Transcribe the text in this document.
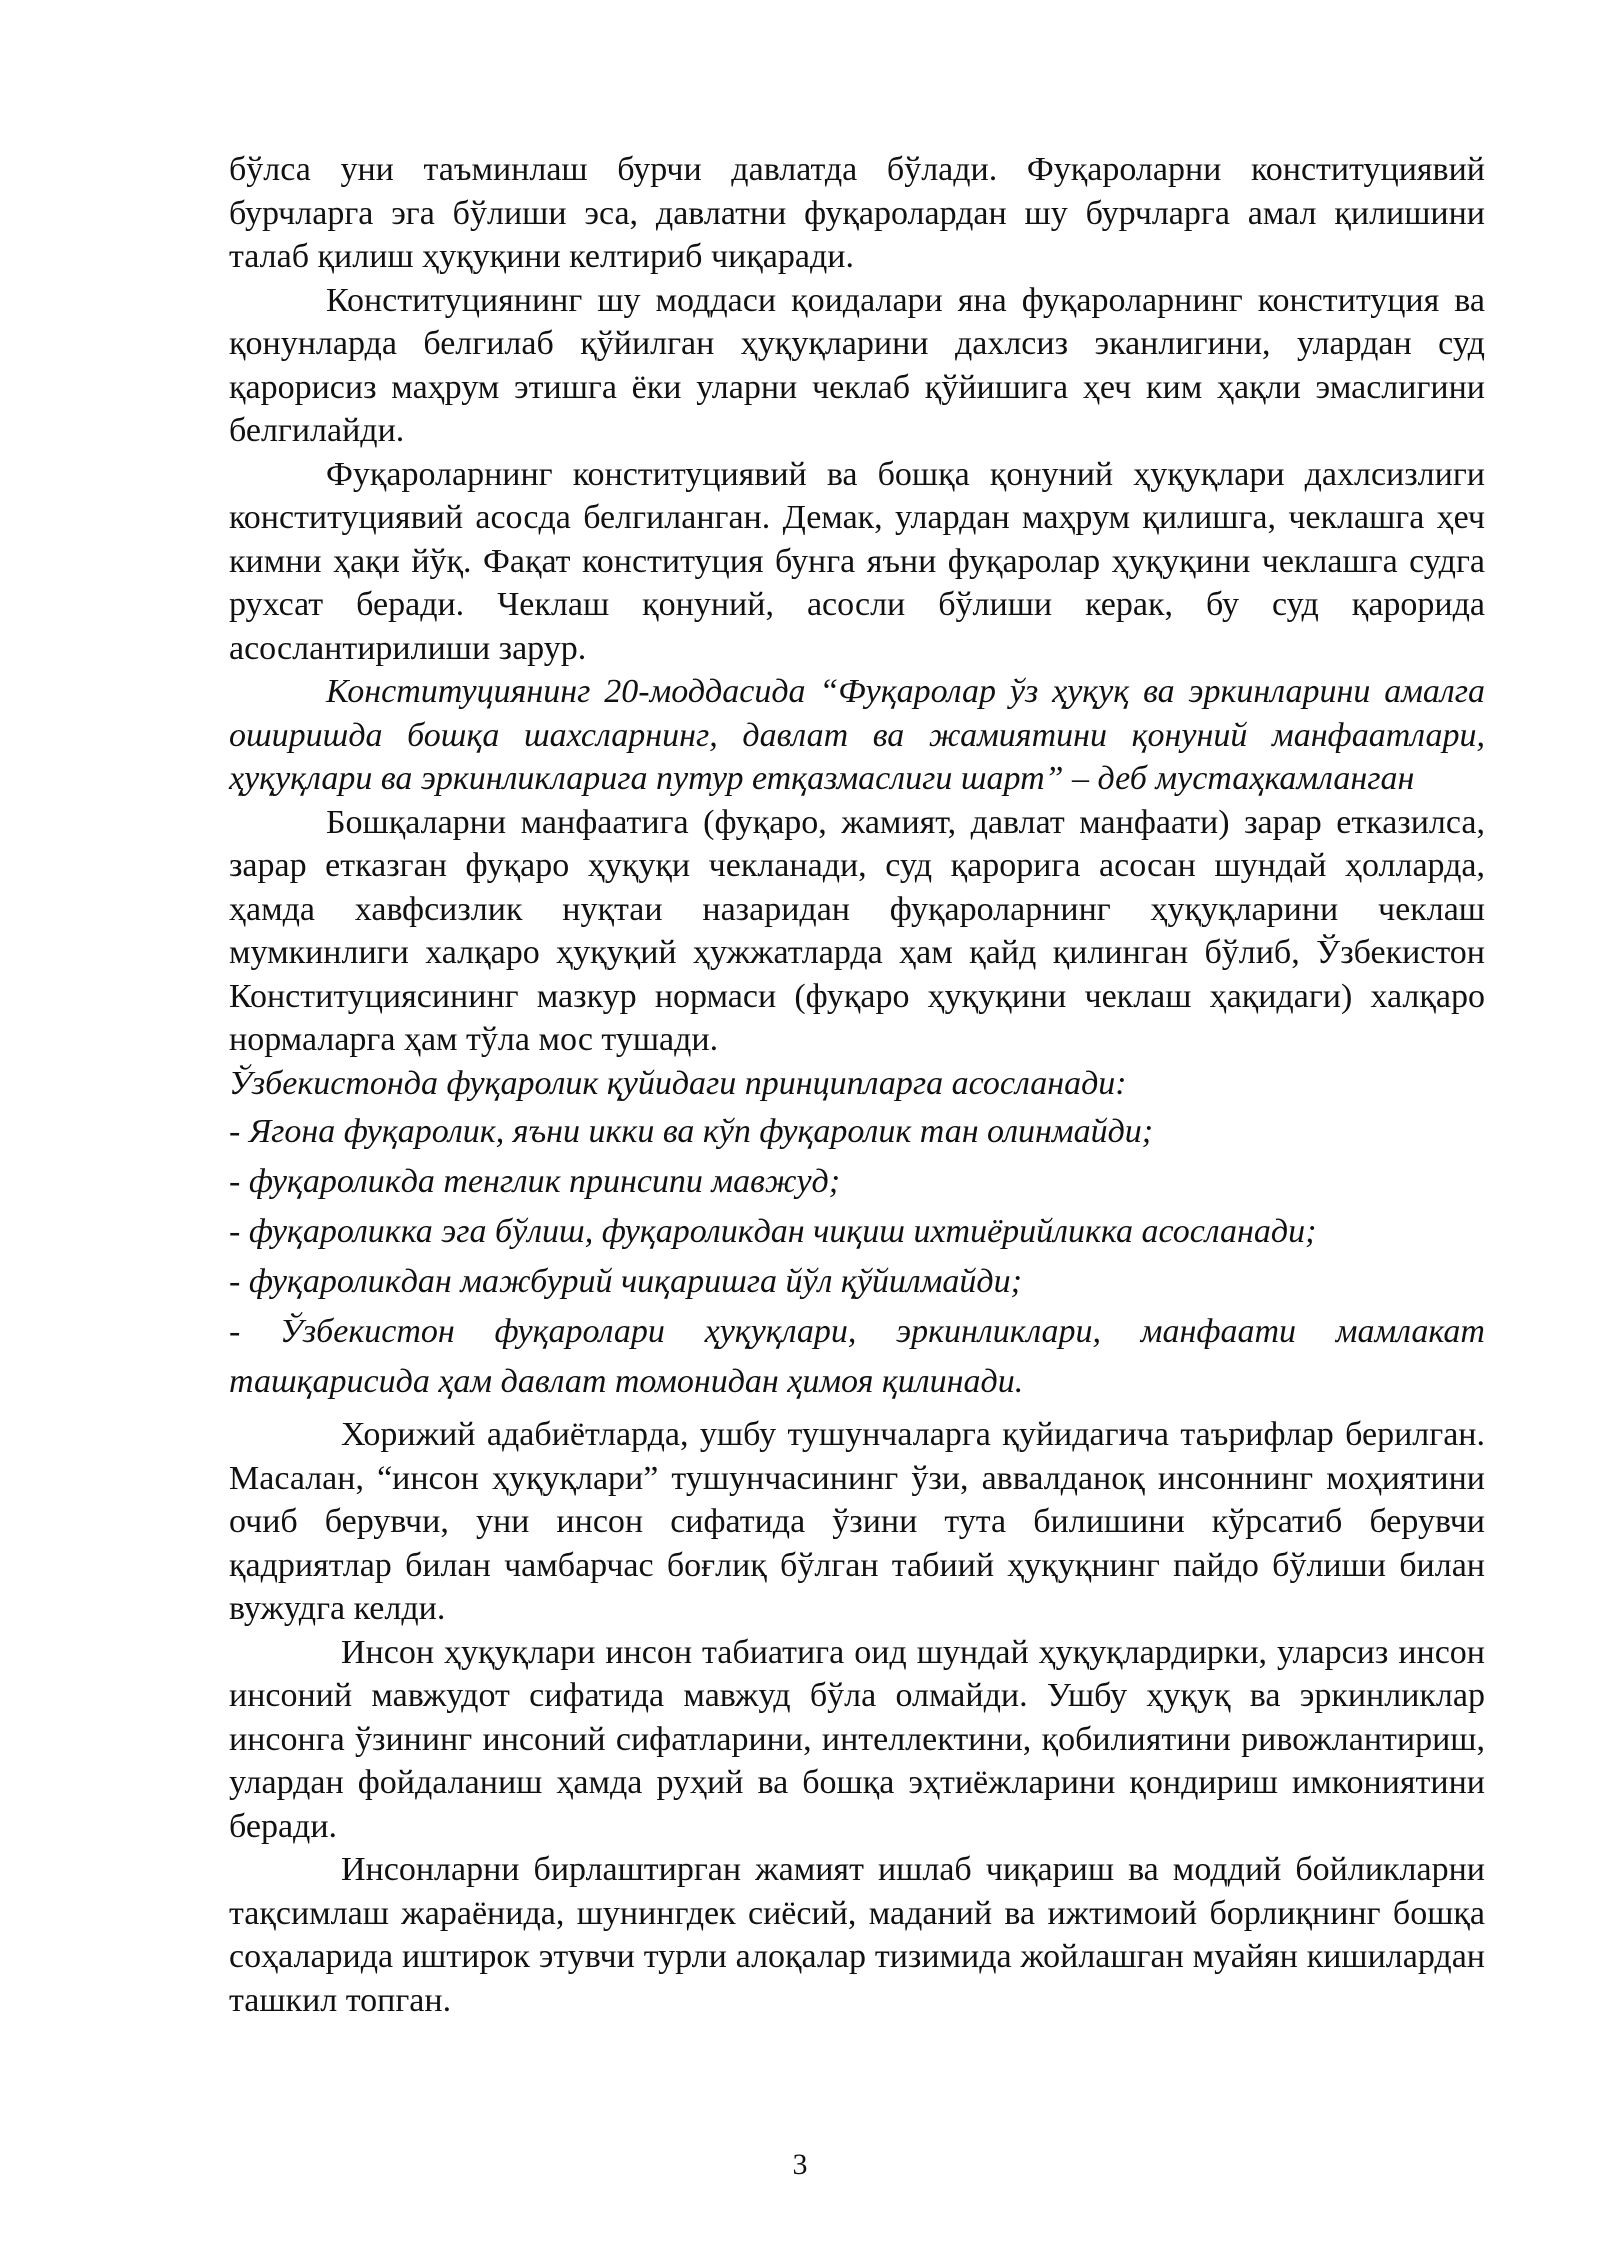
бўлса уни таъминлаш бурчи давлатда бўлади. Фуқароларни конституциявий бурчларга эга бўлиши эса, давлатни фуқаролардан шу бурчларга амал қилишини талаб қилиш ҳуқуқини келтириб чиқаради.

Конституциянинг шу моддаси қоидалари яна фуқароларнинг конституция ва қонунларда белгилаб қўйилган ҳуқуқларини дахлсиз эканлигини, улардан суд қарорисиз маҳрум этишга ёки уларни чеклаб қўйишига ҳеч ким ҳақли эмаслигини белгилайди.

Фуқароларнинг конституциявий ва бошқа қонуний ҳуқуқлари дахлсизлиги конституциявий асосда белгиланган. Демак, улардан маҳрум қилишга, чеклашга ҳеч кимни ҳақи йўқ. Фақат конституция бунга яъни фуқаролар ҳуқуқини чеклашга судга рухсат беради. Чеклаш қонуний, асосли бўлиши керак, бу суд қарорида асослантирилиши зарур.

Конституциянинг 20-моддасида “Фуқаролар ўз ҳуқуқ ва эркинларини амалга оширишда бошқа шахсларнинг, давлат ва жамиятини қонуний манфаатлари, ҳуқуқлари ва эркинликларига путур етқазмаслиги шарт” – деб мустаҳкамланган

Бошқаларни манфаатига (фуқаро, жамият, давлат манфаати) зарар етказилса, зарар етказган фуқаро ҳуқуқи чекланади, суд қарорига асосан шундай ҳолларда, ҳамда хавфсизлик нуқтаи назаридан фуқароларнинг ҳуқуқларини чеклаш мумкинлиги халқаро ҳуқуқий ҳужжатларда ҳам қайд қилинган бўлиб, Ўзбекистон Конституциясининг мазкур нормаси (фуқаро ҳуқуқини чеклаш ҳақидаги) халқаро нормаларга ҳам тўла мос тушади.

Ўзбекистонда фуқаролик қуйидаги принципларга асосланади:

- Ягона фуқаролик, яъни икки ва кўп фуқаролик тан олинмайди;

- фуқароликда тенглик принсипи мавжуд;

- фуқароликка эга бўлиш, фуқароликдан чиқиш ихтиёрийликка асосланади;

- фуқароликдан мажбурий чиқаришга йўл қўйилмайди;

- Ўзбекистон фуқаролари ҳуқуқлари, эркинликлари, манфаати мамлакат ташқарисида ҳам давлат томонидан ҳимоя қилинади.

Хорижий адабиётларда, ушбу тушунчаларга қуйидагича таърифлар берилган. Масалан, “инсон ҳуқуқлари” тушунчасининг ўзи, аввалданоқ инсоннинг моҳиятини очиб берувчи, уни инсон сифатида ўзини тута билишини кўрсатиб берувчи қадриятлар билан чамбарчас боғлиқ бўлган табиий ҳуқуқнинг пайдо бўлиши билан вужудга келди.

Инсон ҳуқуқлари инсон табиатига оид шундай ҳуқуқлардирки, уларсиз инсон инсоний мавжудот сифатида мавжуд бўла олмайди. Ушбу ҳуқуқ ва эркинликлар инсонга ўзининг инсоний сифатларини, интеллектини, қобилиятини ривожлантириш, улардан фойдаланиш ҳамда руҳий ва бошқа эҳтиёжларини қондириш имкониятини беради.

Инсонларни бирлаштирган жамият ишлаб чиқариш ва моддий бойликларни тақсимлаш жараёнида, шунингдек сиёсий, маданий ва ижтимоий борлиқнинг бошқа соҳаларида иштирок этувчи турли алоқалар тизимида жойлашган муайян кишилардан ташкил топган.

3
